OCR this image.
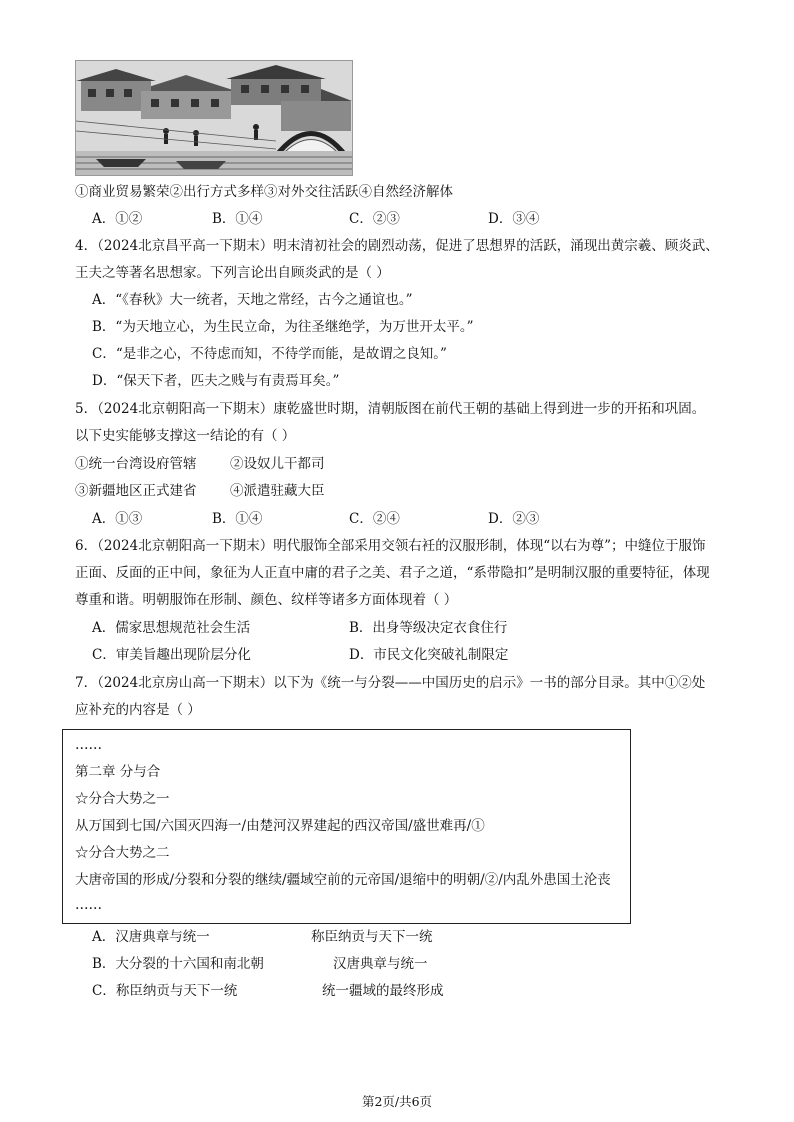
①商业贸易繁荣②出行方式多样③对外交往活跃④自然经济解体
A．①②	B．①④	C．②③	D．③④
4．（2024北京昌平高一下期末）明末清初社会的剧烈动荡，促进了思想界的活跃，涌现出黄宗羲、顾炎武、
王夫之等著名思想家。下列言论出自顾炎武的是（ ）
A．“《春秋》大一统者，天地之常经，古今之通谊也。”
B．“为天地立心，为生民立命，为往圣继绝学，为万世开太平。”
C．“是非之心，不待虑而知，不待学而能，是故谓之良知。”
D．“保天下者，匹夫之贱与有责焉耳矣。”
5．（2024北京朝阳高一下期末）康乾盛世时期，清朝版图在前代王朝的基础上得到进一步的开拓和巩固。
以下史实能够支撑这一结论的有（ ）
①统一台湾设府管辖 ②设奴儿干都司
③新疆地区正式建省 ④派遣驻藏大臣
A．①③	B．①④	C．②④	D．②③
6．（2024北京朝阳高一下期末）明代服饰全部采用交领右衽的汉服形制，体现“以右为尊”；中缝位于服饰
正面、反面的正中间，象征为人正直中庸的君子之美、君子之道，“系带隐扣”是明制汉服的重要特征，体现
尊重和谐。明朝服饰在形制、颜色、纹样等诸多方面体现着（ ）
A．儒家思想规范社会生活	B．出身等级决定衣食住行
C．审美旨趣出现阶层分化	D．市民文化突破礼制限定
7．（2024北京房山高一下期末）以下为《统一与分裂——中国历史的启示》一书的部分目录。其中①②处
应补充的内容是（ ）
……
第二章 分与合
☆分合大势之一
从万国到七国/六国灭四海一/由楚河汉界建起的西汉帝国/盛世难再/①
☆分合大势之二
大唐帝国的形成/分裂和分裂的继续/疆域空前的元帝国/退缩中的明朝/②/内乱外患国土沦丧
……
A．汉唐典章与统一	称臣纳贡与天下一统
B．大分裂的十六国和南北朝	汉唐典章与统一
C．称臣纳贡与天下一统	统一疆域的最终形成
第2页/共6页
